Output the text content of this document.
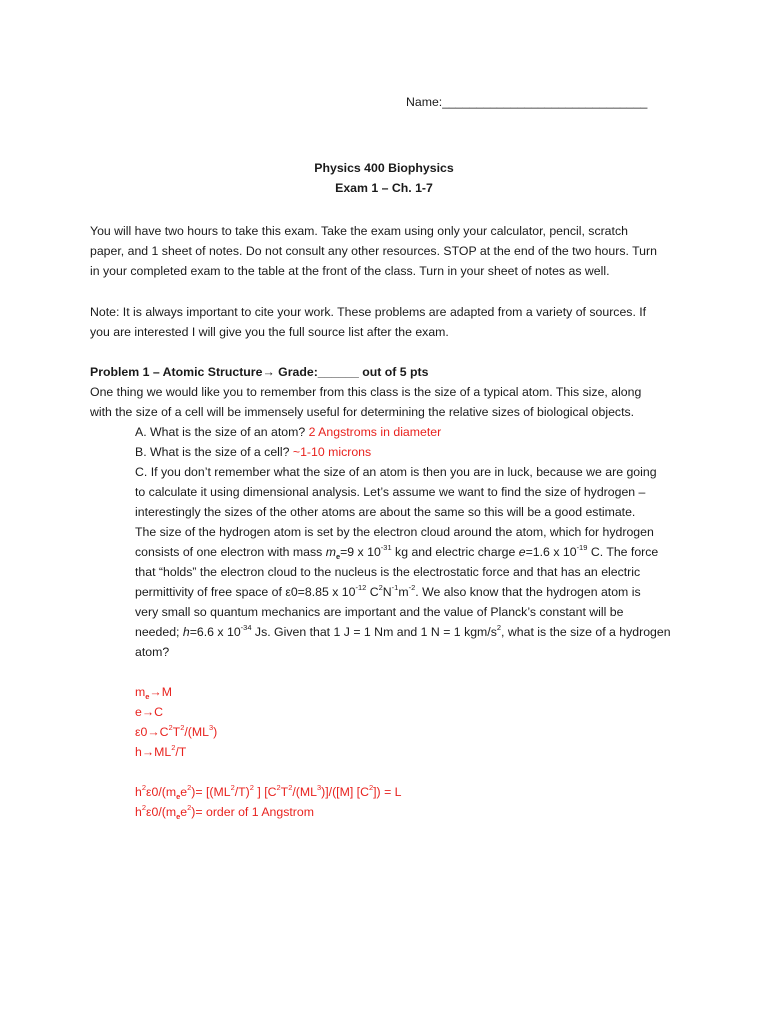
Name:______________________________
Physics 400 Biophysics
Exam 1 – Ch. 1-7
You will have two hours to take this exam. Take the exam using only your calculator, pencil, scratch
paper, and 1 sheet of notes. Do not consult any other resources. STOP at the end of the two hours. Turn
in your completed exam to the table at the front of the class. Turn in your sheet of notes as well.
Note: It is always important to cite your work. These problems are adapted from a variety of sources. If
you are interested I will give you the full source list after the exam.
Problem 1 – Atomic Structure→ Grade:______ out of 5 pts
One thing we would like you to remember from this class is the size of a typical atom. This size, along
with the size of a cell will be immensely useful for determining the relative sizes of biological objects.
A. What is the size of an atom? 2 Angstroms in diameter
B. What is the size of a cell? ~1-10 microns
C. If you don’t remember what the size of an atom is then you are in luck, because we are going
to calculate it using dimensional analysis. Let’s assume we want to find the size of hydrogen –
interestingly the sizes of the other atoms are about the same so this will be a good estimate.
The size of the hydrogen atom is set by the electron cloud around the atom, which for hydrogen
consists of one electron with mass $m_e=9$ x $10^{-31}$ kg and electric charge e=1.6 x $10^{-19}$ C. The force
that “holds” the electron cloud to the nucleus is the electrostatic force and that has an electric
permittivity of free space of ε0=8.85 x $10^{-12}$ $C^2N^{-1}m^{-2}$. We also know that the hydrogen atom is
very small so quantum mechanics are important and the value of Planck’s constant will be
needed; h=6.6 x $10^{-34}$ Js. Given that 1 J = 1 Nm and 1 N = 1 kgm/$s^2$, what is the size of a hydrogen
atom?
$m_e\to M$
e→C
$\varepsilon 0\to C^2T^2/(ML^3)$
$h\to ML^2/T$
$h^2\varepsilon 0/(m_ee^2)= [(ML^2/T)^2$ ] $[C^2T^2/(ML^3)]/([M] [C^2]) = L$
$h^2\varepsilon 0/(m_ee^2)=$ order of 1 Angstrom
